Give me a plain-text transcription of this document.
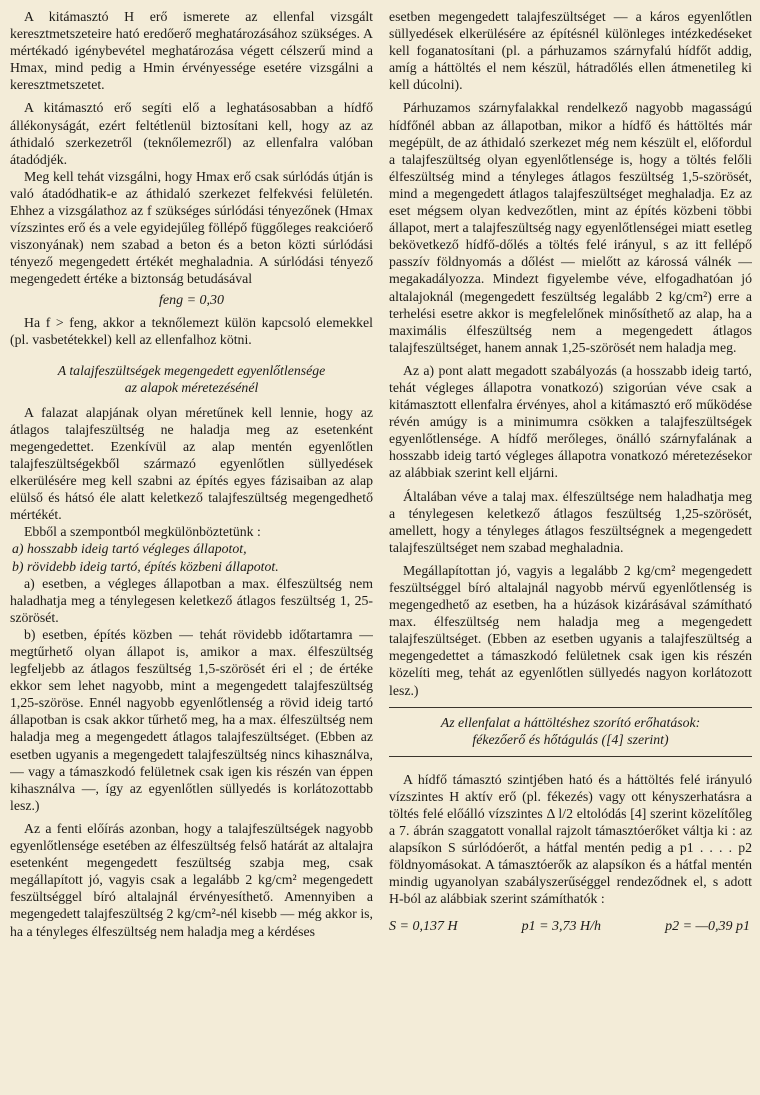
A kitámasztó H erő ismerete az ellenfal vizsgált keresztmetszeteire ható eredőerő meghatározásához szükséges. A mértékadó igénybevétel meghatározása végett célszerű mind a Hmax, mind pedig a Hmin érvényessége esetére vizsgálni a keresztmetszetet.

A kitámasztó erő segíti elő a leghatásosabban a hídfő állékonyságát, ezért feltétlenül biztosítani kell, hogy az az áthidaló szerkezetről (teknőlemezről) az ellenfalra valóban átadódjék.

Meg kell tehát vizsgálni, hogy Hmax erő csak súrlódás útján is való átadódhatik-e az áthidaló szerkezet felfekvési felületén. Ehhez a vizsgálathoz az f szükséges súrlódási tényezőnek (Hmax vízszintes erő és a vele egyidejűleg föllépő függőleges reakcióerő viszonyának) nem szabad a beton és a beton közti súrlódási tényező megengedett értékét meghaladnia. A súrlódási tényező megengedett értéke a biztonság betudásával

feng = 0,30

Ha f > feng, akkor a teknőlemezt külön kapcsoló elemekkel (pl. vasbetétekkel) kell az ellenfalhoz kötni.

A talajfeszültségek megengedett egyenlőtlensége
az alapok méretezésénél

A falazat alapjának olyan méretűnek kell lennie, hogy az átlagos talajfeszültség ne haladja meg az esetenként megengedettet. Ezenkívül az alap mentén egyenlőtlen talajfeszültségekből származó egyenlőtlen süllyedések elkerülésére meg kell szabni az építés egyes fázisaiban az alap elülső és hátsó éle alatt keletkező talajfeszültség megengedhető mértékét.

Ebből a szempontból megkülönböztetünk :

a) hosszabb ideig tartó végleges állapotot,
b) rövidebb ideig tartó, építés közbeni állapotot.

a) esetben, a végleges állapotban a max. élfeszültség nem haladhatja meg a ténylegesen keletkező átlagos feszültség 1, 25-szörösét.

b) esetben, építés közben — tehát rövidebb időtartamra — megtűrhető olyan állapot is, amikor a max. élfeszültség legfeljebb az átlagos feszültség 1,5-szörösét éri el ; de értéke ekkor sem lehet nagyobb, mint a megengedett talajfeszültség 1,25-szöröse. Ennél nagyobb egyenlőtlenség a rövid ideig tartó állapotban is csak akkor tűrhető meg, ha a max. élfeszültség nem haladja meg a megengedett átlagos talajfeszültséget. (Ebben az esetben ugyanis a megengedett talajfeszültség nincs kihasználva, — vagy a támaszkodó felületnek csak igen kis részén van éppen kihasználva —, így az egyenlőtlen süllyedés is korlátozottabb lesz.)

Az a fenti előírás azonban, hogy a talajfeszültségek nagyobb egyenlőtlensége esetében az élfeszültség felső határát az altalajra esetenként megengedett feszültség szabja meg, csak megállapított jó, vagyis csak a legalább 2 kg/cm² megengedett feszültséggel bíró altalajnál érvényesíthető. Amennyiben a megengedett talajfeszültség 2 kg/cm²-nél kisebb — még akkor is, ha a tényleges élfeszültség nem haladja meg a kérdéses

esetben megengedett talajfeszültséget — a káros egyenlőtlen süllyedések elkerülésére az építésnél különleges intézkedéseket kell foganatosítani (pl. a párhuzamos szárnyfalú hídfőt addig, amíg a háttöltés el nem készül, hátradőlés ellen átmenetileg ki kell dúcolni).

Párhuzamos szárnyfalakkal rendelkező nagyobb magasságú hídfőnél abban az állapotban, mikor a hídfő és háttöltés már megépült, de az áthidaló szerkezet még nem készült el, előfordul a talajfeszültség olyan egyenlőtlensége is, hogy a töltés felőli élfeszültség mind a tényleges átlagos feszültség 1,5-szörösét, mind a megengedett átlagos talajfeszültséget meghaladja. Ez az eset mégsem olyan kedvezőtlen, mint az építés közbeni többi állapot, mert a talajfeszültség nagy egyenlőtlenségei miatt esetleg bekövetkező hídfő-dőlés a töltés felé irányul, s az itt fellépő passzív földnyomás a dőlést — mielőtt az károssá válnék — megakadályozza. Mindezt figyelembe véve, elfogadhatóan jó altalajoknál (megengedett feszültség legalább 2 kg/cm²) erre a terhelési esetre akkor is megfelelőnek minősíthető az alap, ha a maximális élfeszültség nem a megengedett átlagos talajfeszültséget, hanem annak 1,25-szörösét nem haladja meg.

Az a) pont alatt megadott szabályozás (a hosszabb ideig tartó, tehát végleges állapotra vonatkozó) szigorúan véve csak a kitámasztott ellenfalra érvényes, ahol a kitámasztó erő működése révén amúgy is a minimumra csökken a talajfeszültségek egyenlőtlensége. A hídfő merőleges, önálló szárnyfalának a hosszabb ideig tartó végleges állapotra vonatkozó méretezésekor az alábbiak szerint kell eljárni.

Általában véve a talaj max. élfeszültsége nem haladhatja meg a ténylegesen keletkező átlagos feszültség 1,25-szörösét, amellett, hogy a tényleges átlagos feszültségnek a megengedett talajfeszültséget nem szabad meghaladnia.

Megállapítottan jó, vagyis a legalább 2 kg/cm² megengedett feszültséggel bíró altalajnál nagyobb mérvű egyenlőtlenség is megengedhető az esetben, ha a húzások kizárásával számítható max. élfeszültség nem haladja meg a megengedett talajfeszültséget. (Ebben az esetben ugyanis a talajfeszültség a megengedettet a támaszkodó felületnek csak igen kis részén közelíti meg, tehát az egyenlőtlen süllyedés nagyon korlátozott lesz.)

Az ellenfalat a háttöltéshez szorító erőhatások:
fékezőerő és hőtágulás ([4] szerint)

A hídfő támasztó szintjében ható és a háttöltés felé irányuló vízszintes H aktív erő (pl. fékezés) vagy ott kényszerhatásra a töltés felé előálló vízszintes Δ l/2 eltolódás [4] szerint közelítőleg a 7. ábrán szaggatott vonallal rajzolt támasztóerőket váltja ki : az alapsíkon S súrlódóerőt, a hátfal mentén pedig a p1 . . . . p2 földnyomásokat. A támasztóerők az alapsíkon és a hátfal mentén mindig ugyanolyan szabályszerűséggel rendeződnek el, s adott H-ból az alábbiak szerint számíthatók :

S = 0,137 H	p1 = 3,73 H/h	p2 = —0,39 p1
